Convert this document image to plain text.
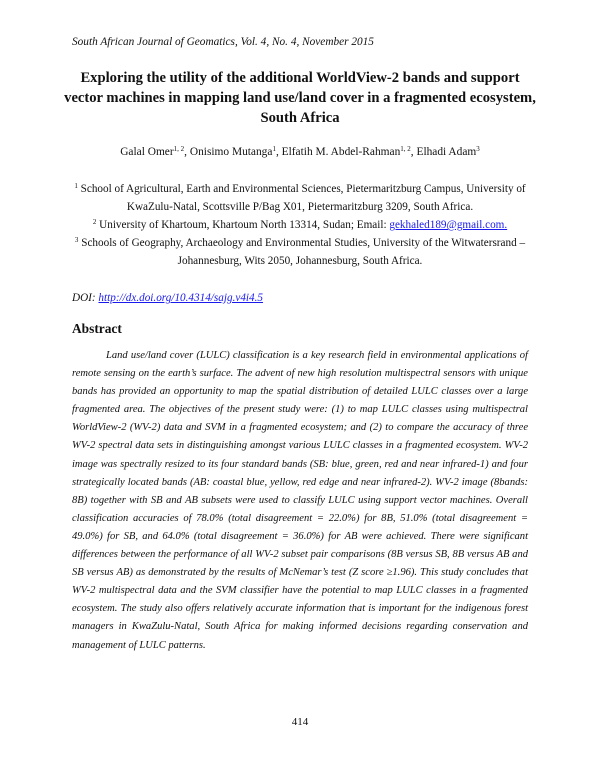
South African Journal of Geomatics, Vol. 4, No. 4, November 2015
Exploring the utility of the additional WorldView-2 bands and support vector machines in mapping land use/land cover in a fragmented ecosystem, South Africa
Galal Omer$^{1, 2}$, Onisimo Mutanga$^1$, Elfatih M. Abdel-Rahman$^{1, 2}$, Elhadi Adam$^3$
$^1$ School of Agricultural, Earth and Environmental Sciences, Pietermaritzburg Campus, University of KwaZulu-Natal, Scottsville P/Bag X01, Pietermaritzburg 3209, South Africa.
$^2$ University of Khartoum, Khartoum North 13314, Sudan; Email: gekhaled189@gmail.com.
$^3$ Schools of Geography, Archaeology and Environmental Studies, University of the Witwatersrand – Johannesburg, Wits 2050, Johannesburg, South Africa.
DOI: http://dx.doi.org/10.4314/sajg.v4i4.5
Abstract
Land use/land cover (LULC) classification is a key research field in environmental applications of remote sensing on the earth’s surface. The advent of new high resolution multispectral sensors with unique bands has provided an opportunity to map the spatial distribution of detailed LULC classes over a large fragmented area. The objectives of the present study were: (1) to map LULC classes using multispectral WorldView-2 (WV-2) data and SVM in a fragmented ecosystem; and (2) to compare the accuracy of three WV-2 spectral data sets in distinguishing amongst various LULC classes in a fragmented ecosystem. WV-2 image was spectrally resized to its four standard bands (SB: blue, green, red and near infrared-1) and four strategically located bands (AB: coastal blue, yellow, red edge and near infrared-2). WV-2 image (8bands: 8B) together with SB and AB subsets were used to classify LULC using support vector machines. Overall classification accuracies of 78.0% (total disagreement = 22.0%) for 8B, 51.0% (total disagreement = 49.0%) for SB, and 64.0% (total disagreement = 36.0%) for AB were achieved. There were significant differences between the performance of all WV-2 subset pair comparisons (8B versus SB, 8B versus AB and SB versus AB) as demonstrated by the results of McNemar’s test (Z score ≥1.96). This study concludes that WV-2 multispectral data and the SVM classifier have the potential to map LULC classes in a fragmented ecosystem. The study also offers relatively accurate information that is important for the indigenous forest managers in KwaZulu-Natal, South Africa for making informed decisions regarding conservation and management of LULC patterns.
414
